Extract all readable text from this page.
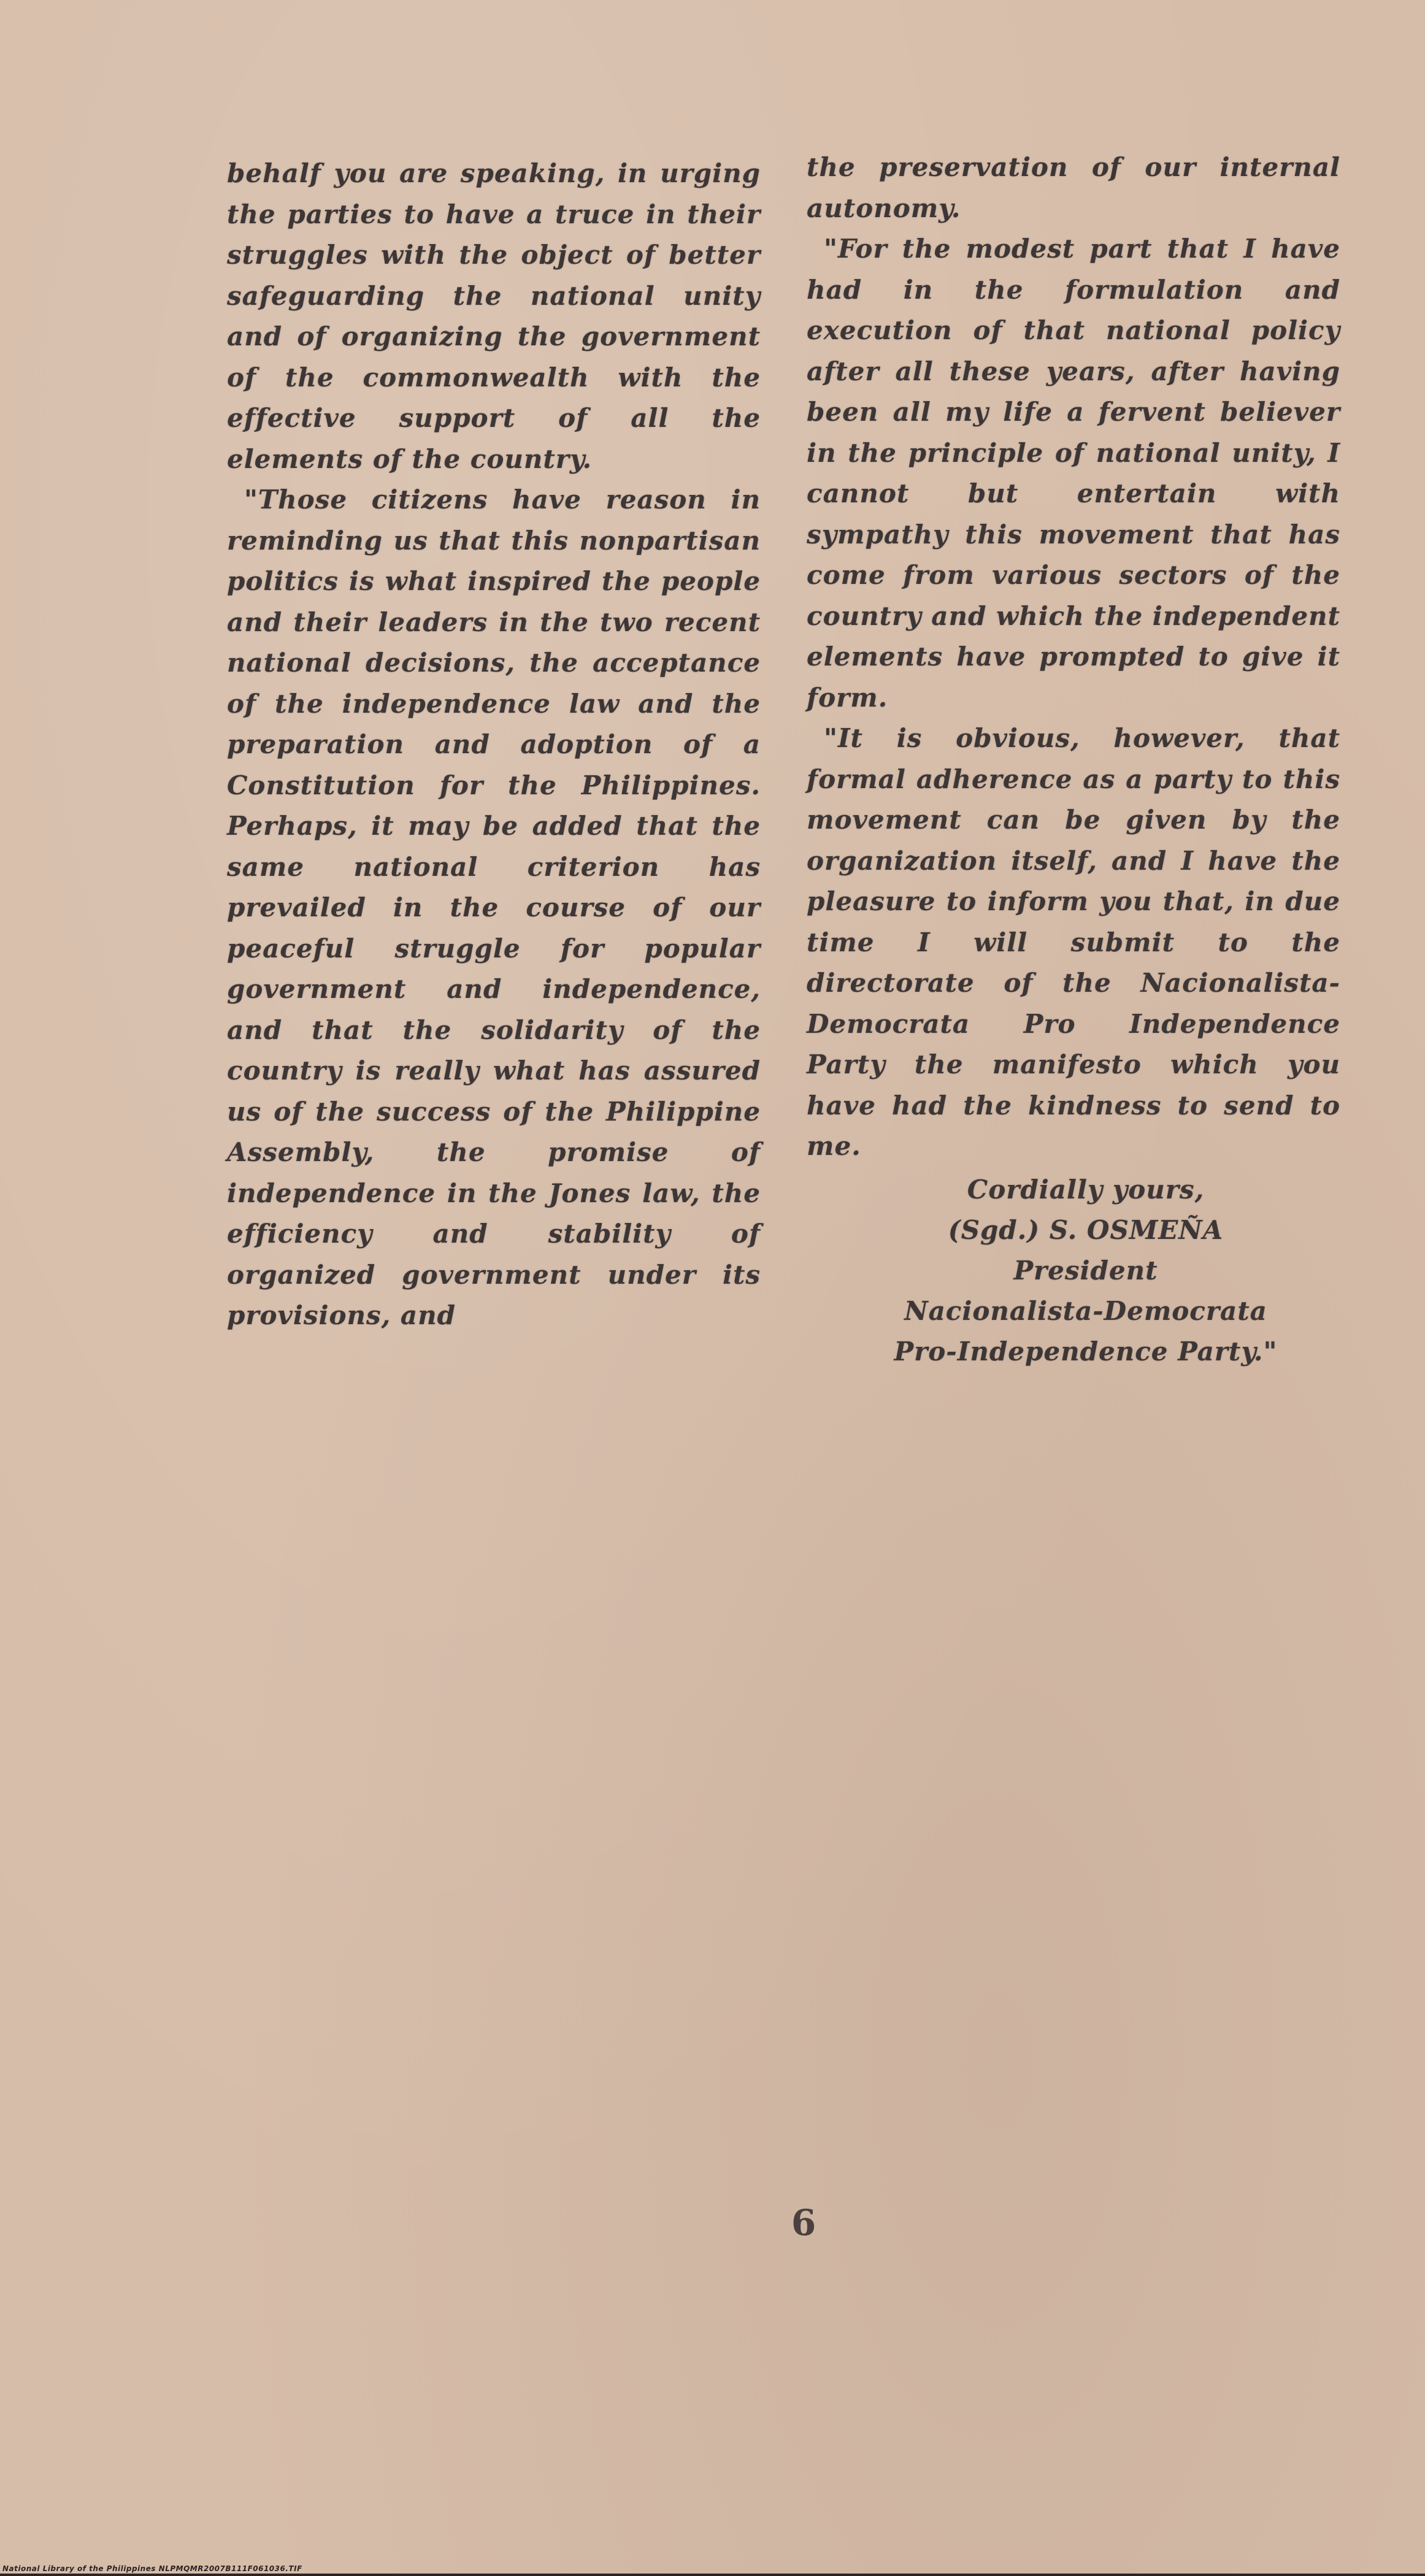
behalf you are speaking, in urging the parties to have a truce in their struggles with the object of better safeguarding the national unity and of organizing the government of the commonwealth with the effective support of all the elements of the country.

"Those citizens have reason in reminding us that this nonpartisan politics is what inspired the people and their leaders in the two recent national decisions, the acceptance of the independence law and the preparation and adoption of a Constitution for the Philippines. Perhaps, it may be added that the same national criterion has prevailed in the course of our peaceful struggle for popular government and independence, and that the solidarity of the country is really what has assured us of the success of the Philippine Assembly, the promise of independence in the Jones law, the efficiency and stability of organized government under its provisions, and

the preservation of our internal autonomy.

"For the modest part that I have had in the formulation and execution of that national policy after all these years, after having been all my life a fervent believer in the principle of national unity, I cannot but entertain with sympathy this movement that has come from various sectors of the country and which the independent elements have prompted to give it form.

"It is obvious, however, that formal adherence as a party to this movement can be given by the organization itself, and I have the pleasure to inform you that, in due time I will submit to the directorate of the Nacionalista-Democrata Pro Independence Party the manifesto which you have had the kindness to send to me.

Cordially yours,
(Sgd.) S. OSMEÑA
President
Nacionalista-Democrata
Pro-Independence Party."
6
National Library of the Philippines NLPMQMR2007B111F061036.TIF
